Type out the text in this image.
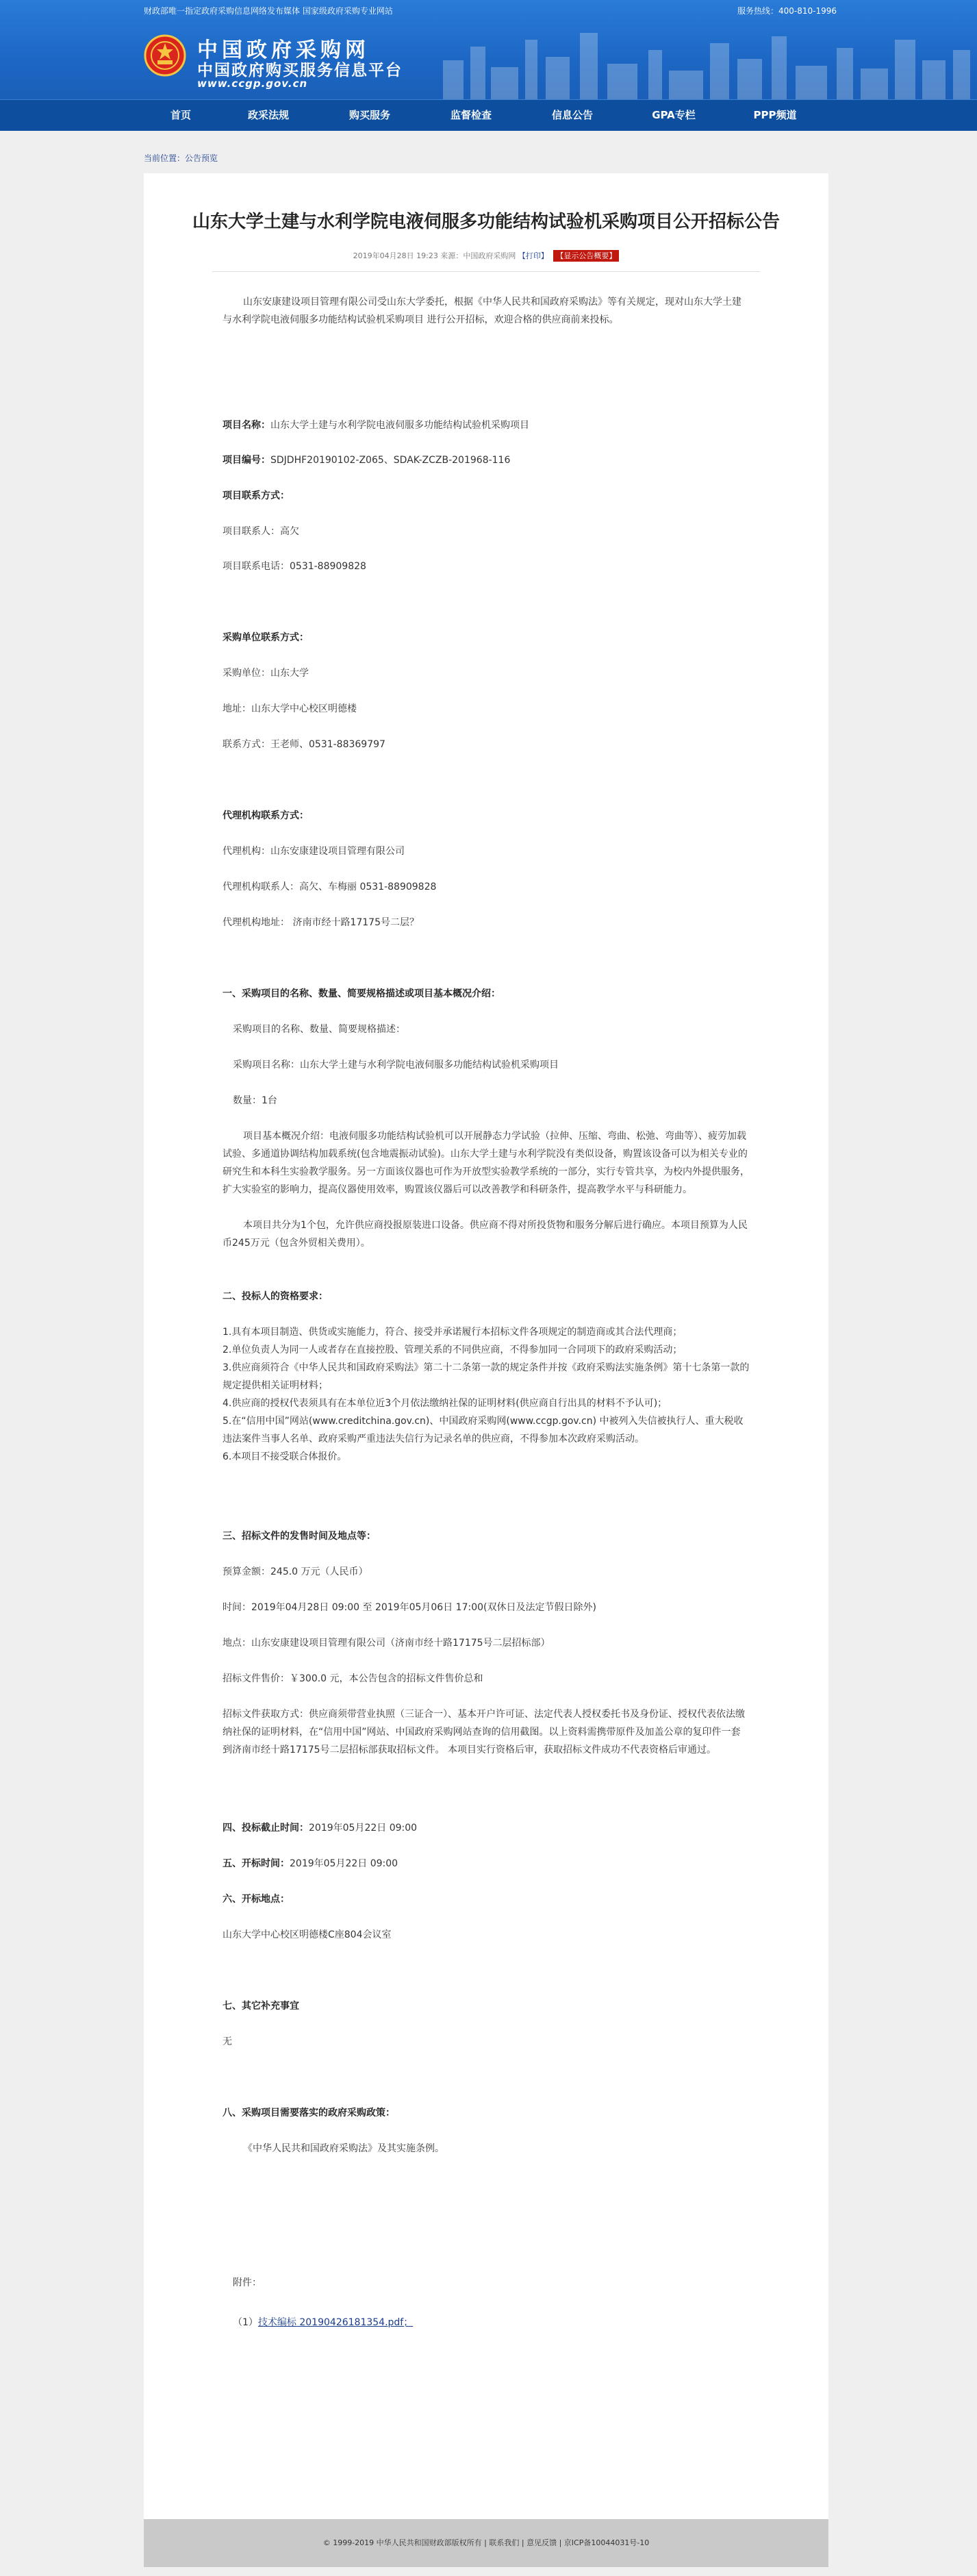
财政部唯一指定政府采购信息网络发布媒体 国家级政府采购专业网站	服务热线：400-810-1996
中国政府采购网
中国政府购买服务信息平台
www.ccgp.gov.cn
首页	政采法规	购买服务	监督检查	信息公告	GPA专栏	PPP频道
当前位置：公告预览
山东大学土建与水利学院电液伺服多功能结构试验机采购项目公开招标公告
2019年04月28日 19:23 来源：中国政府采购网 【打印】 【显示公告概要】
山东安康建设项目管理有限公司受山东大学委托，根据《中华人民共和国政府采购法》等有关规定，现对山东大学土建与水利学院电液伺服多功能结构试验机采购项目 进行公开招标，欢迎合格的供应商前来投标。
项目名称：山东大学土建与水利学院电液伺服多功能结构试验机采购项目
项目编号：SDJDHF20190102-Z065、SDAK-ZCZB-201968-116
项目联系方式：
项目联系人：高欠
项目联系电话：0531-88909828
采购单位联系方式：
采购单位：山东大学
地址：山东大学中心校区明德楼
联系方式：王老师、0531-88369797
代理机构联系方式：
代理机构：山东安康建设项目管理有限公司
代理机构联系人：高欠、车梅丽 0531-88909828
代理机构地址： 济南市经十路17175号二层？
一、采购项目的名称、数量、简要规格描述或项目基本概况介绍：
采购项目的名称、数量、简要规格描述：
采购项目名称：山东大学土建与水利学院电液伺服多功能结构试验机采购项目
数量：1台
项目基本概况介绍：电液伺服多功能结构试验机可以开展静态力学试验（拉伸、压缩、弯曲、松弛、弯曲等）、疲劳加载试验、多通道协调结构加载系统(包含地震振动试验)。山东大学土建与水利学院没有类似设备，购置该设备可以为相关专业的研究生和本科生实验教学服务。另一方面该仪器也可作为开放型实验教学系统的一部分，实行专管共享，为校内外提供服务，扩大实验室的影响力，提高仪器使用效率，购置该仪器后可以改善教学和科研条件，提高教学水平与科研能力。
本项目共分为1个包，允许供应商投报原装进口设备。供应商不得对所投货物和服务分解后进行确应。本项目预算为人民币245万元（包含外贸相关费用）。
二、投标人的资格要求：
1.具有本项目制造、供货或实施能力，符合、接受并承诺履行本招标文件各项规定的制造商或其合法代理商；
2.单位负责人为同一人或者存在直接控股、管理关系的不同供应商，不得参加同一合同项下的政府采购活动；
3.供应商须符合《中华人民共和国政府采购法》第二十二条第一款的规定条件并按《政府采购法实施条例》第十七条第一款的规定提供相关证明材料；
4.供应商的授权代表须具有在本单位近3个月依法缴纳社保的证明材料(供应商自行出具的材料不予认可)；
5.在“信用中国”网站(www.creditchina.gov.cn)、中国政府采购网(www.ccgp.gov.cn) 中被列入失信被执行人、重大税收违法案件当事人名单、政府采购严重违法失信行为记录名单的供应商，不得参加本次政府采购活动。
6.本项目不接受联合体报价。
三、招标文件的发售时间及地点等：
预算金额：245.0 万元（人民币）
时间：2019年04月28日 09:00 至 2019年05月06日 17:00(双休日及法定节假日除外)
地点：山东安康建设项目管理有限公司（济南市经十路17175号二层招标部）
招标文件售价：￥300.0 元，本公告包含的招标文件售价总和
招标文件获取方式：供应商须带营业执照（三证合一）、基本开户许可证、法定代表人授权委托书及身份证、授权代表依法缴纳社保的证明材料，在“信用中国”网站、中国政府采购网站查询的信用截图。以上资料需携带原件及加盖公章的复印件一套到济南市经十路17175号二层招标部获取招标文件。 本项目实行资格后审，获取招标文件成功不代表资格后审通过。
四、投标截止时间：2019年05月22日 09:00
五、开标时间：2019年05月22日 09:00
六、开标地点：
山东大学中心校区明德楼C座804会议室
七、其它补充事宜
无
八、采购项目需要落实的政府采购政策：
《中华人民共和国政府采购法》及其实施条例。
附件：
（1）技术编标 20190426181354.pdf；
© 1999-2019 中华人民共和国财政部版权所有 | 联系我们 | 意见反馈 | 京ICP备10044031号-10
